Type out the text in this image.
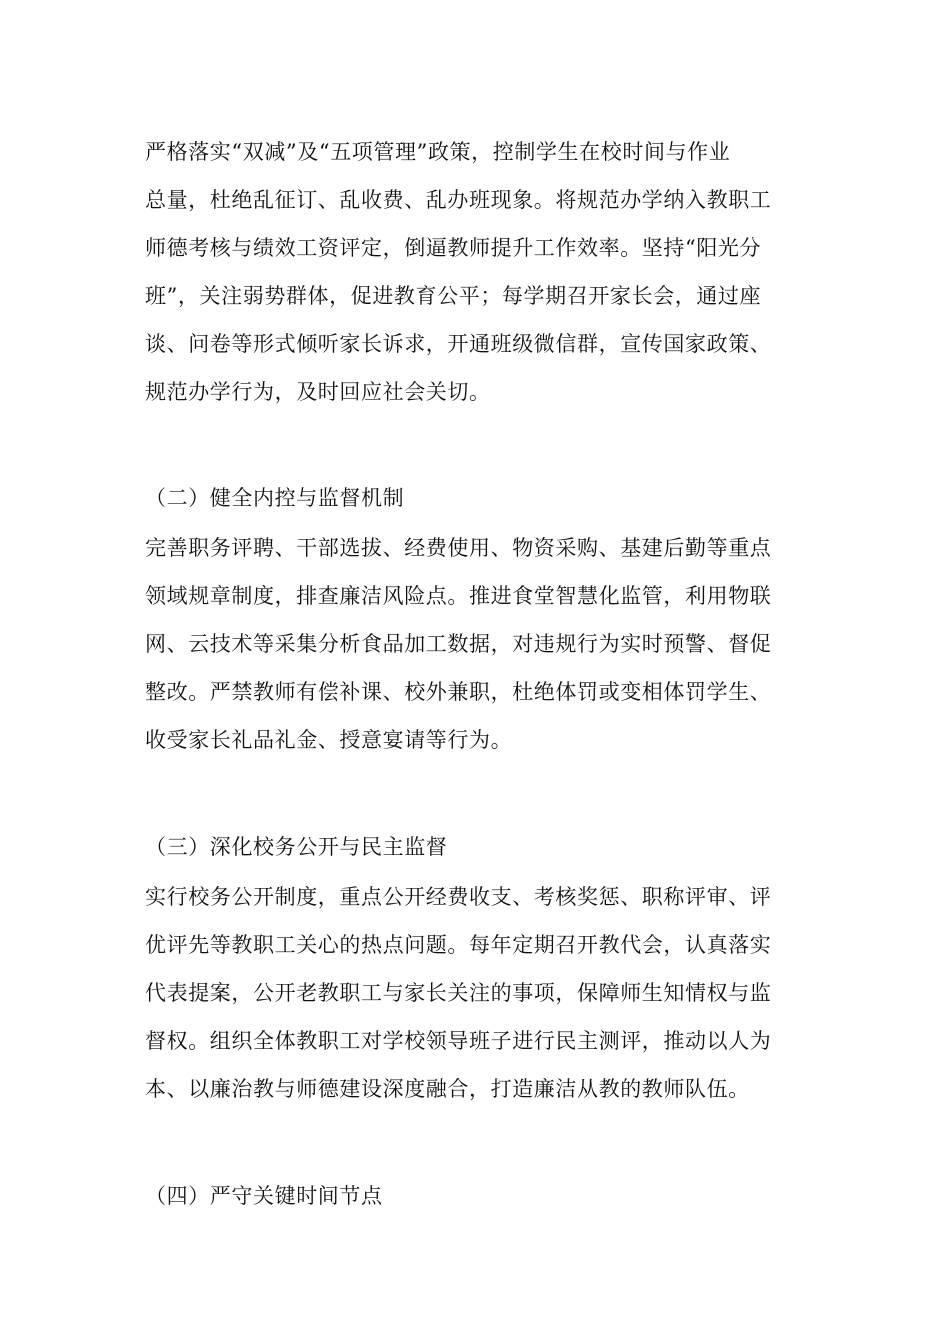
严格落实“双减”及“五项管理”政策，控制学生在校时间与作业
总量，杜绝乱征订、乱收费、乱办班现象。将规范办学纳入教职工
师德考核与绩效工资评定，倒逼教师提升工作效率。坚持“阳光分
班”，关注弱势群体，促进教育公平；每学期召开家长会，通过座
谈、问卷等形式倾听家长诉求，开通班级微信群，宣传国家政策、
规范办学行为，及时回应社会关切。
（二）健全内控与监督机制
完善职务评聘、干部选拔、经费使用、物资采购、基建后勤等重点
领域规章制度，排查廉洁风险点。推进食堂智慧化监管，利用物联
网、云技术等采集分析食品加工数据，对违规行为实时预警、督促
整改。严禁教师有偿补课、校外兼职，杜绝体罚或变相体罚学生、
收受家长礼品礼金、授意宴请等行为。
（三）深化校务公开与民主监督
实行校务公开制度，重点公开经费收支、考核奖惩、职称评审、评
优评先等教职工关心的热点问题。每年定期召开教代会，认真落实
代表提案，公开老教职工与家长关注的事项，保障师生知情权与监
督权。组织全体教职工对学校领导班子进行民主测评，推动以人为
本、以廉治教与师德建设深度融合，打造廉洁从教的教师队伍。
（四）严守关键时间节点
